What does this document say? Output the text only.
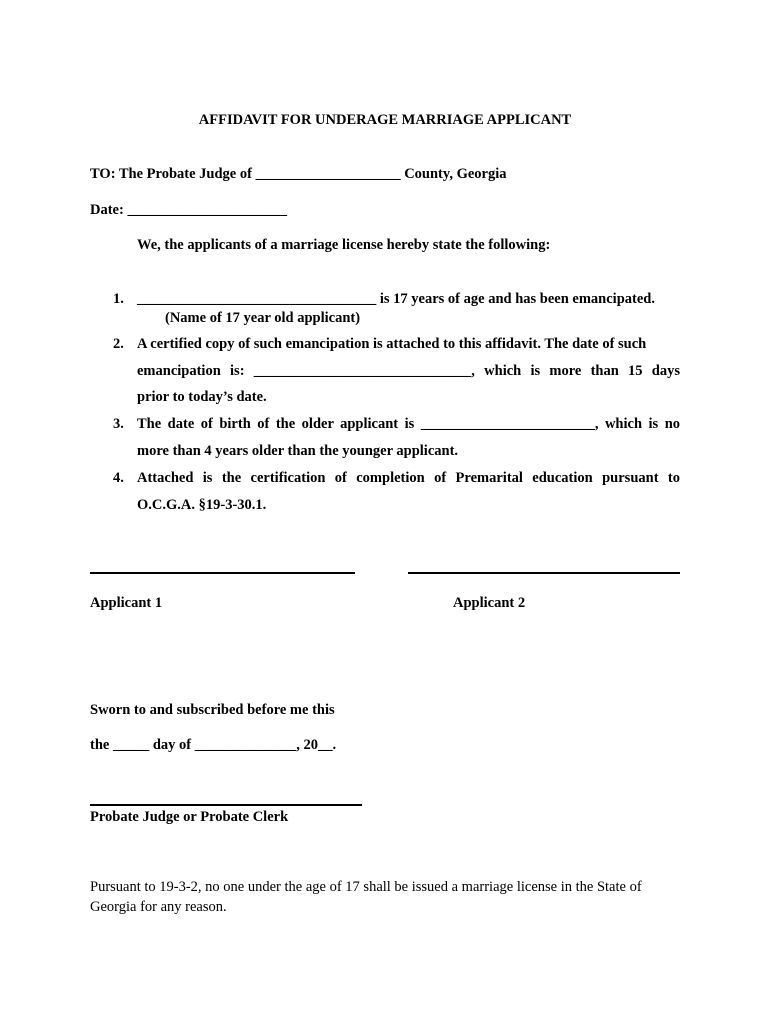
AFFIDAVIT FOR UNDERAGE MARRIAGE APPLICANT
TO: The Probate Judge of ____________________ County, Georgia
Date: ______________________
We, the applicants of a marriage license hereby state the following:
1. _________________________________ is 17 years of age and has been emancipated.
(Name of 17 year old applicant)
2. A certified copy of such emancipation is attached to this affidavit. The date of such
emancipation is: ______________________________, which is more than 15 days
prior to today’s date.
3. The date of birth of the older applicant is ________________________, which is no
more than 4 years older than the younger applicant.
4. Attached is the certification of completion of Premarital education pursuant to
O.C.G.A. §19-3-30.1.
Applicant 1	Applicant 2
Sworn to and subscribed before me this
the _____ day of ______________, 20__.
Probate Judge or Probate Clerk
Pursuant to 19-3-2, no one under the age of 17 shall be issued a marriage license in the State of
Georgia for any reason.
